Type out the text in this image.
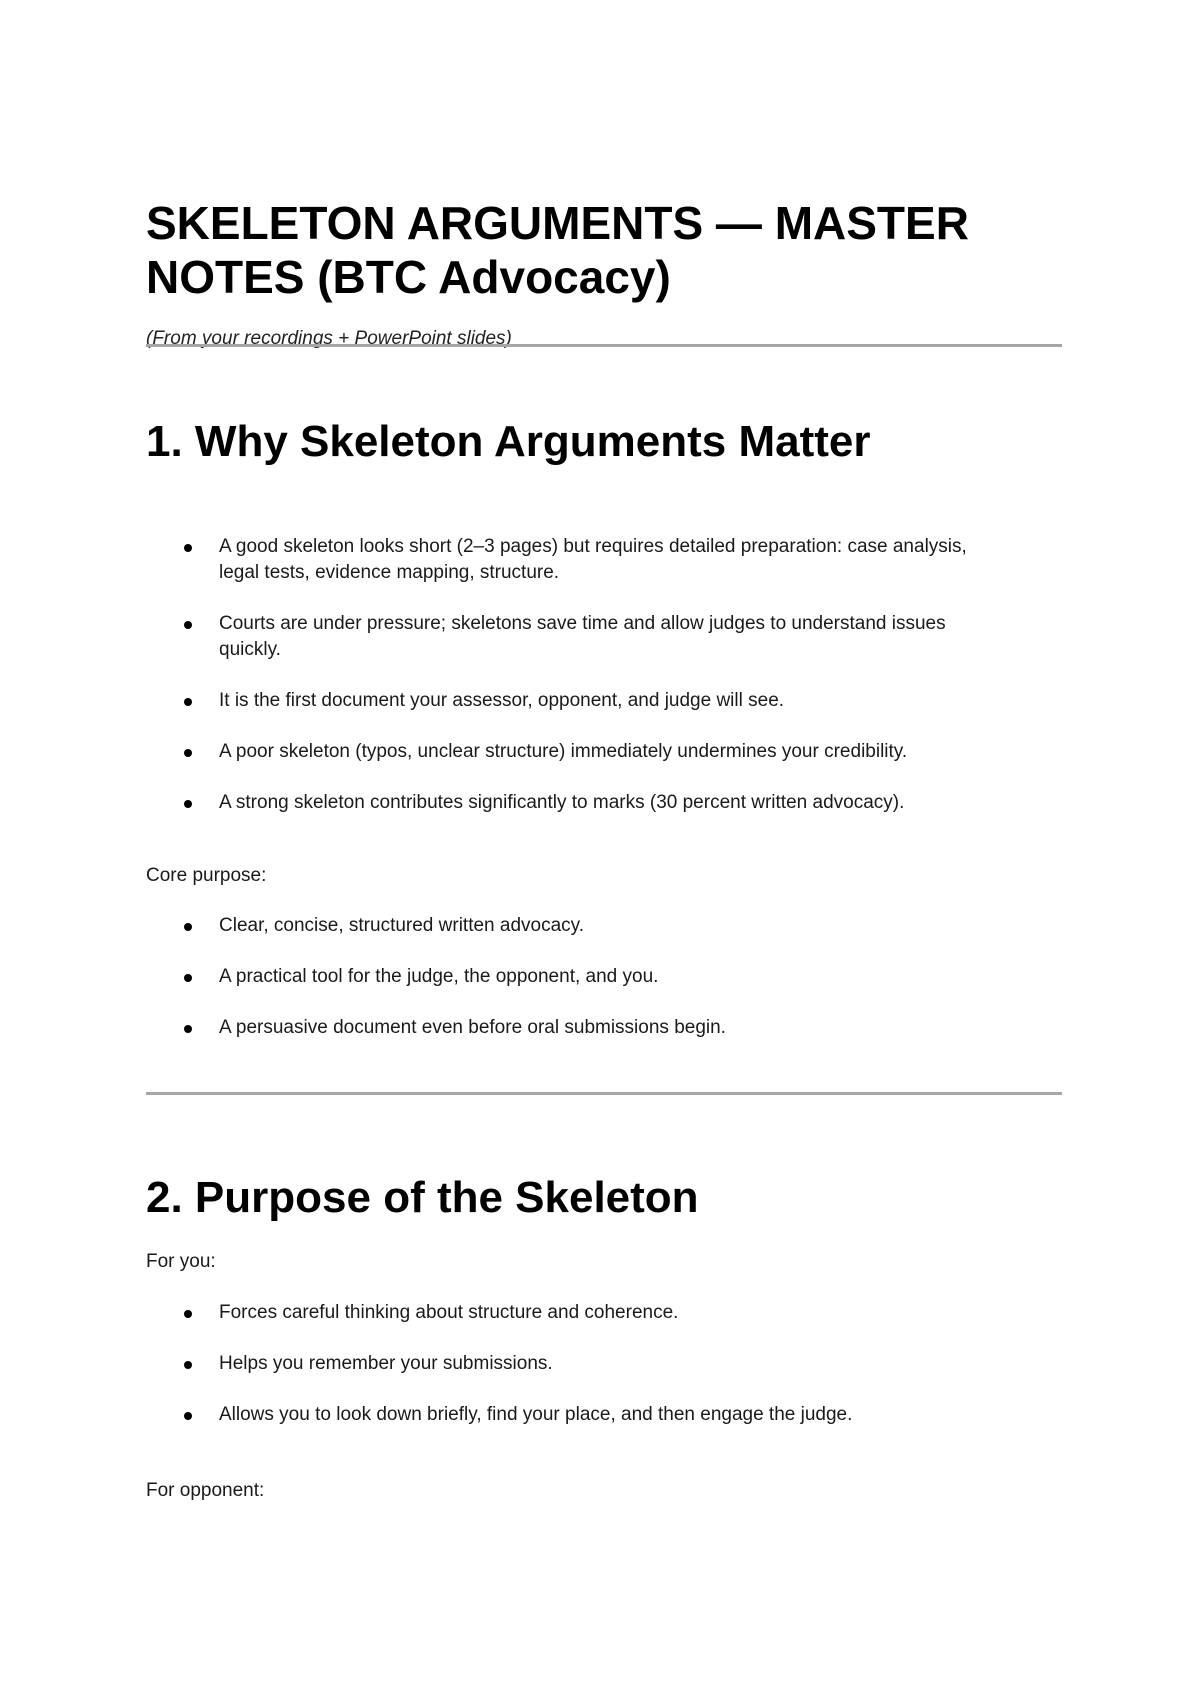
SKELETON ARGUMENTS — MASTER NOTES (BTC Advocacy)

(From your recordings + PowerPoint slides)

1. Why Skeleton Arguments Matter
A good skeleton looks short (2–3 pages) but requires detailed preparation: case analysis, legal tests, evidence mapping, structure.
Courts are under pressure; skeletons save time and allow judges to understand issues quickly.
It is the first document your assessor, opponent, and judge will see.
A poor skeleton (typos, unclear structure) immediately undermines your credibility.
A strong skeleton contributes significantly to marks (30 percent written advocacy).

Core purpose:

Clear, concise, structured written advocacy.
A practical tool for the judge, the opponent, and you.
A persuasive document even before oral submissions begin.
2. Purpose of the Skeleton

For you:

Forces careful thinking about structure and coherence.
Helps you remember your submissions.
Allows you to look down briefly, find your place, and then engage the judge.

For opponent:
